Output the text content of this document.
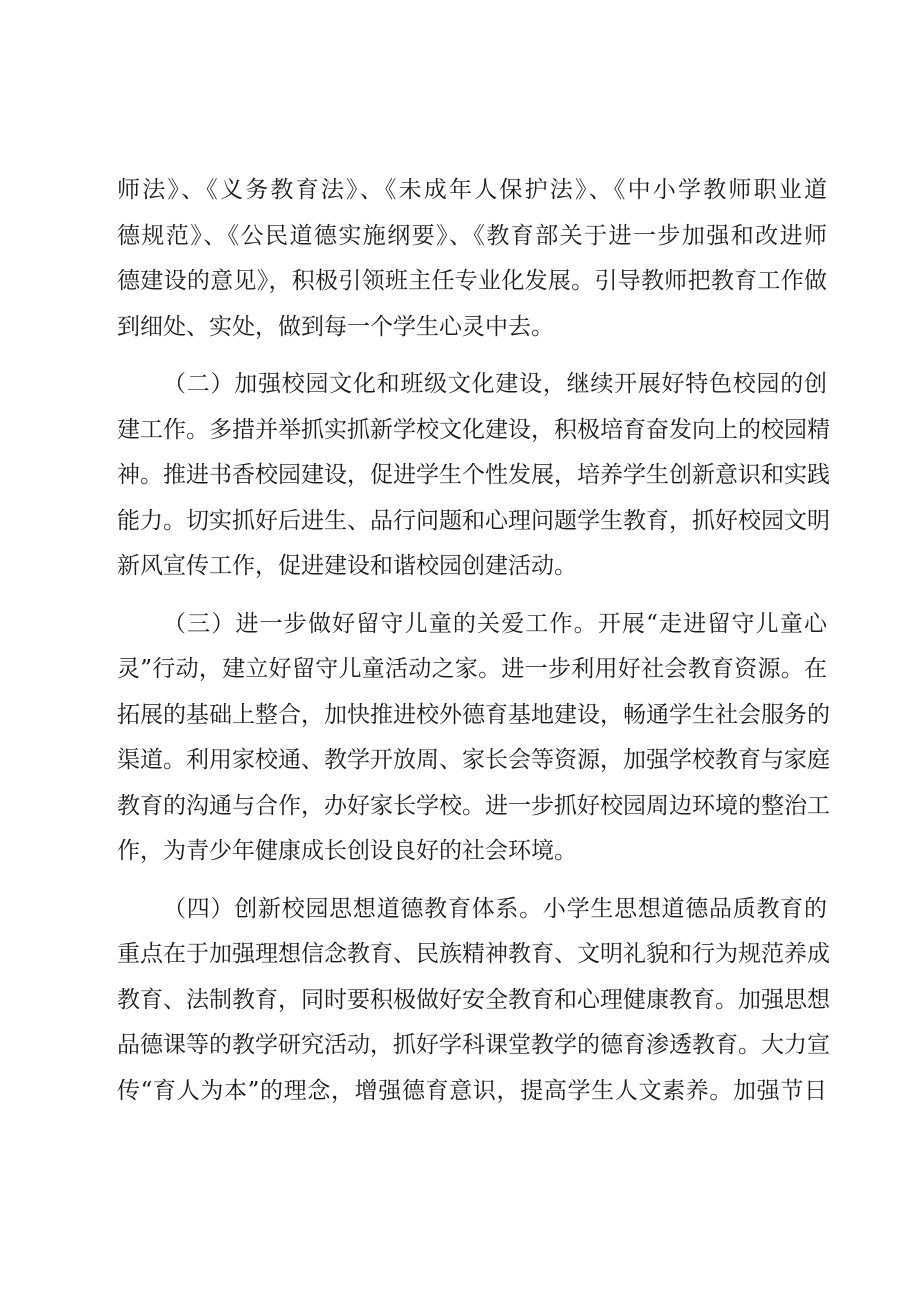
师法》、《义务教育法》、《未成年人保护法》、《中小学教师职业道
德规范》、《公民道德实施纲要》、《教育部关于进一步加强和改进师
德建设的意见》，积极引领班主任专业化发展。引导教师把教育工作做
到细处、实处，做到每一个学生心灵中去。
（二）加强校园文化和班级文化建设，继续开展好特色校园的创
建工作。多措并举抓实抓新学校文化建设，积极培育奋发向上的校园精
神。推进书香校园建设，促进学生个性发展，培养学生创新意识和实践
能力。切实抓好后进生、品行问题和心理问题学生教育，抓好校园文明
新风宣传工作，促进建设和谐校园创建活动。
（三）进一步做好留守儿童的关爱工作。开展“走进留守儿童心
灵”行动，建立好留守儿童活动之家。进一步利用好社会教育资源。在
拓展的基础上整合，加快推进校外德育基地建设，畅通学生社会服务的
渠道。利用家校通、教学开放周、家长会等资源，加强学校教育与家庭
教育的沟通与合作，办好家长学校。进一步抓好校园周边环境的整治工
作，为青少年健康成长创设良好的社会环境。
（四）创新校园思想道德教育体系。小学生思想道德品质教育的
重点在于加强理想信念教育、民族精神教育、文明礼貌和行为规范养成
教育、法制教育，同时要积极做好安全教育和心理健康教育。加强思想
品德课等的教学研究活动，抓好学科课堂教学的德育渗透教育。大力宣
传“育人为本”的理念，增强德育意识，提高学生人文素养。加强节日
